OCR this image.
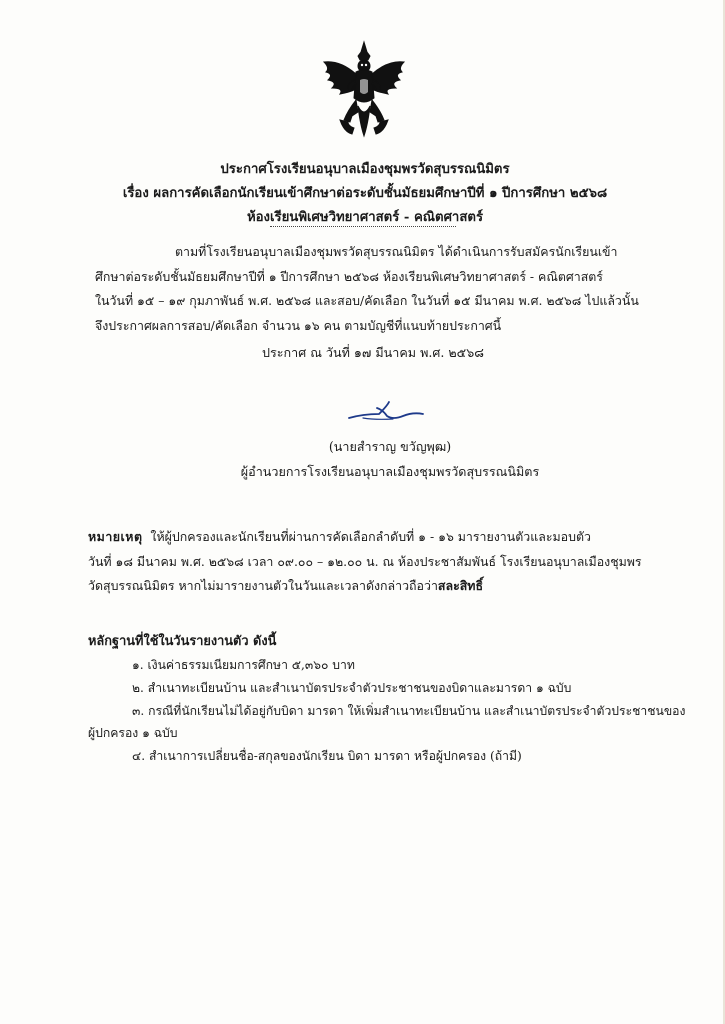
ประกาศโรงเรียนอนุบาลเมืองชุมพรวัดสุบรรณนิมิตร
เรื่อง ผลการคัดเลือกนักเรียนเข้าศึกษาต่อระดับชั้นมัธยมศึกษาปีที่ ๑ ปีการศึกษา ๒๕๖๘
ห้องเรียนพิเศษวิทยาศาสตร์ - คณิตศาสตร์
ตามที่โรงเรียนอนุบาลเมืองชุมพรวัดสุบรรณนิมิตร ได้ดำเนินการรับสมัครนักเรียนเข้า
ศึกษาต่อระดับชั้นมัธยมศึกษาปีที่ ๑ ปีการศึกษา ๒๕๖๘ ห้องเรียนพิเศษวิทยาศาสตร์ - คณิตศาสตร์
ในวันที่ ๑๕ – ๑๙ กุมภาพันธ์ พ.ศ. ๒๕๖๘ และสอบ/คัดเลือก ในวันที่ ๑๕ มีนาคม พ.ศ. ๒๕๖๘ ไปแล้วนั้น
จึงประกาศผลการสอบ/คัดเลือก จำนวน ๑๖ คน ตามบัญชีที่แนบท้ายประกาศนี้
ประกาศ ณ วันที่ ๑๗ มีนาคม พ.ศ. ๒๕๖๘
(นายสำราญ ขวัญพุฒ)
ผู้อำนวยการโรงเรียนอนุบาลเมืองชุมพรวัดสุบรรณนิมิตร
หมายเหตุ ให้ผู้ปกครองและนักเรียนที่ผ่านการคัดเลือกลำดับที่ ๑ - ๑๖ มารายงานตัวและมอบตัว
วันที่ ๑๘ มีนาคม พ.ศ. ๒๕๖๘ เวลา ๐๙.๐๐ – ๑๒.๐๐ น. ณ ห้องประชาสัมพันธ์ โรงเรียนอนุบาลเมืองชุมพร
วัดสุบรรณนิมิตร หากไม่มารายงานตัวในวันและเวลาดังกล่าวถือว่าสละสิทธิ์
หลักฐานที่ใช้ในวันรายงานตัว ดังนี้
๑. เงินค่าธรรมเนียมการศึกษา ๕,๓๖๐ บาท
๒. สำเนาทะเบียนบ้าน และสำเนาบัตรประจำตัวประชาชนของบิดาและมารดา ๑ ฉบับ
๓. กรณีที่นักเรียนไม่ได้อยู่กับบิดา มารดา ให้เพิ่มสำเนาทะเบียนบ้าน และสำเนาบัตรประจำตัวประชาชนของ
ผู้ปกครอง ๑ ฉบับ
๔. สำเนาการเปลี่ยนชื่อ-สกุลของนักเรียน บิดา มารดา หรือผู้ปกครอง (ถ้ามี)
